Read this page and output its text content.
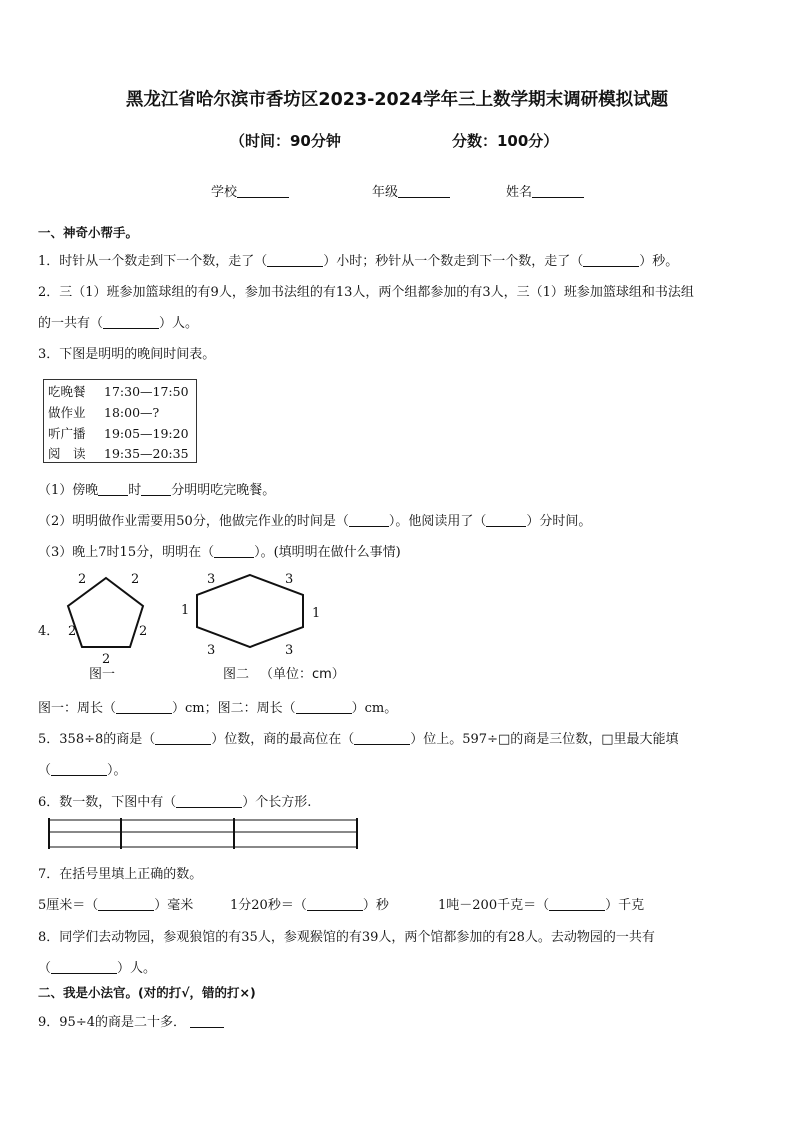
黑龙江省哈尔滨市香坊区2023-2024学年三上数学期末调研模拟试题
（时间：90分钟	分数：100分）
学校	年级	姓名
一、神奇小帮手。
1．时针从一个数走到下一个数，走了（	）小时；秒针从一个数走到下一个数，走了（	）秒。
2．三（1）班参加篮球组的有9人，参加书法组的有13人，两个组都参加的有3人，三（1）班参加篮球组和书法组
的一共有（	）人。
3．下图是明明的晚间时间表。
吃晚餐 17:30—17:50
做作业 18:00—?
听广播 19:05—19:20
阅　读 19:35—20:35
（1）傍晚 时 分明明吃完晚餐。
（2）明明做作业需要用50分，他做完作业的时间是（	）。他阅读用了（	）分时间。
（3）晚上7时15分，明明在（	）。(填明明在做什么事情)
4．
2	2
2	2
2
3	3
1	1
3	3
图一	图二 （单位：cm）
图一：周长（	）cm；图二：周长（	）cm。
5．358÷8的商是（	）位数，商的最高位在（	）位上。597÷□的商是三位数，□里最大能填
（	）。
6．数一数，下图中有（	）个长方形.
7．在括号里填上正确的数。
5厘米＝（	）毫米	1分20秒＝（	）秒	1吨－200千克＝（	）千克
8．同学们去动物园，参观狼馆的有35人，参观猴馆的有39人，两个馆都参加的有28人。去动物园的一共有
（	）人。
二、我是小法官。(对的打√，错的打×)
9．95÷4的商是二十多．
